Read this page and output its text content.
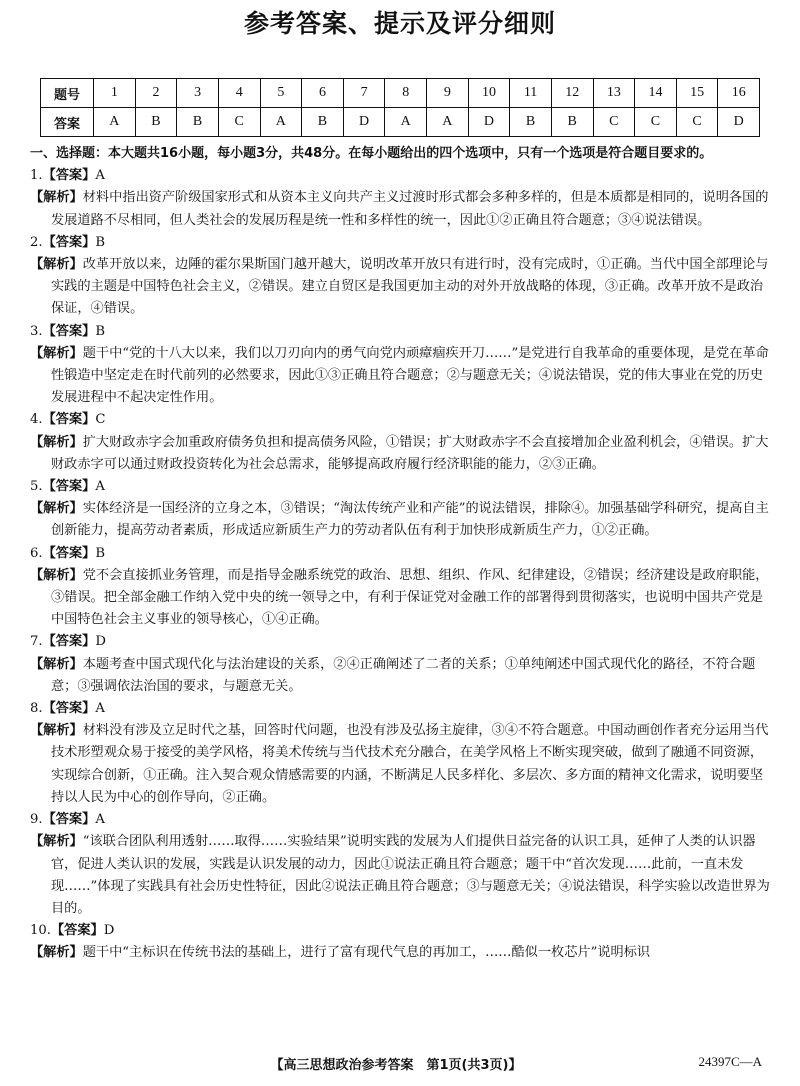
参考答案、提示及评分细则
题号	1	2	3	4	5	6	7	8	9	10	11	12	13	14	15	16
答案	A	B	B	C	A	B	D	A	A	D	B	B	C	C	C	D

一、选择题：本大题共16小题，每小题3分，共48分。在每小题给出的四个选项中，只有一个选项是符合题目要求的。

1.【答案】A

【解析】材料中指出资产阶级国家形式和从资本主义向共产主义过渡时形式都会多种多样的，但是本质都是相同的，说明各国的发展道路不尽相同，但人类社会的发展历程是统一性和多样性的统一，因此①②正确且符合题意；③④说法错误。

2.【答案】B

【解析】改革开放以来，边陲的霍尔果斯国门越开越大，说明改革开放只有进行时，没有完成时，①正确。当代中国全部理论与实践的主题是中国特色社会主义，②错误。建立自贸区是我国更加主动的对外开放战略的体现，③正确。改革开放不是政治保证，④错误。

3.【答案】B

【解析】题干中“党的十八大以来，我们以刀刃向内的勇气向党内顽瘴痼疾开刀……”是党进行自我革命的重要体现，是党在革命性锻造中坚定走在时代前列的必然要求，因此①③正确且符合题意；②与题意无关；④说法错误，党的伟大事业在党的历史发展进程中不起决定性作用。

4.【答案】C

【解析】扩大财政赤字会加重政府债务负担和提高债务风险，①错误；扩大财政赤字不会直接增加企业盈利机会，④错误。扩大财政赤字可以通过财政投资转化为社会总需求，能够提高政府履行经济职能的能力，②③正确。

5.【答案】A

【解析】实体经济是一国经济的立身之本，③错误；“淘汰传统产业和产能”的说法错误，排除④。加强基础学科研究，提高自主创新能力，提高劳动者素质，形成适应新质生产力的劳动者队伍有利于加快形成新质生产力，①②正确。

6.【答案】B

【解析】党不会直接抓业务管理，而是指导金融系统党的政治、思想、组织、作风、纪律建设，②错误；经济建设是政府职能，③错误。把全部金融工作纳入党中央的统一领导之中，有利于保证党对金融工作的部署得到贯彻落实，也说明中国共产党是中国特色社会主义事业的领导核心，①④正确。

7.【答案】D

【解析】本题考查中国式现代化与法治建设的关系，②④正确阐述了二者的关系；①单纯阐述中国式现代化的路径，不符合题意；③强调依法治国的要求，与题意无关。

8.【答案】A

【解析】材料没有涉及立足时代之基，回答时代问题，也没有涉及弘扬主旋律，③④不符合题意。中国动画创作者充分运用当代技术形塑观众易于接受的美学风格，将美术传统与当代技术充分融合，在美学风格上不断实现突破，做到了融通不同资源，实现综合创新，①正确。注入契合观众情感需要的内涵，不断满足人民多样化、多层次、多方面的精神文化需求，说明要坚持以人民为中心的创作导向，②正确。

9.【答案】A

【解析】“该联合团队利用透射……取得……实验结果”说明实践的发展为人们提供日益完备的认识工具，延伸了人类的认识器官，促进人类认识的发展，实践是认识发展的动力，因此①说法正确且符合题意；题干中“首次发现……此前，一直未发现……”体现了实践具有社会历史性特征，因此②说法正确且符合题意；③与题意无关；④说法错误，科学实验以改造世界为目的。

10.【答案】D

【解析】题干中“主标识在传统书法的基础上，进行了富有现代气息的再加工，……酷似一枚芯片”说明标识

【高三思想政治参考答案　第1页(共3页)】	24397C—A
